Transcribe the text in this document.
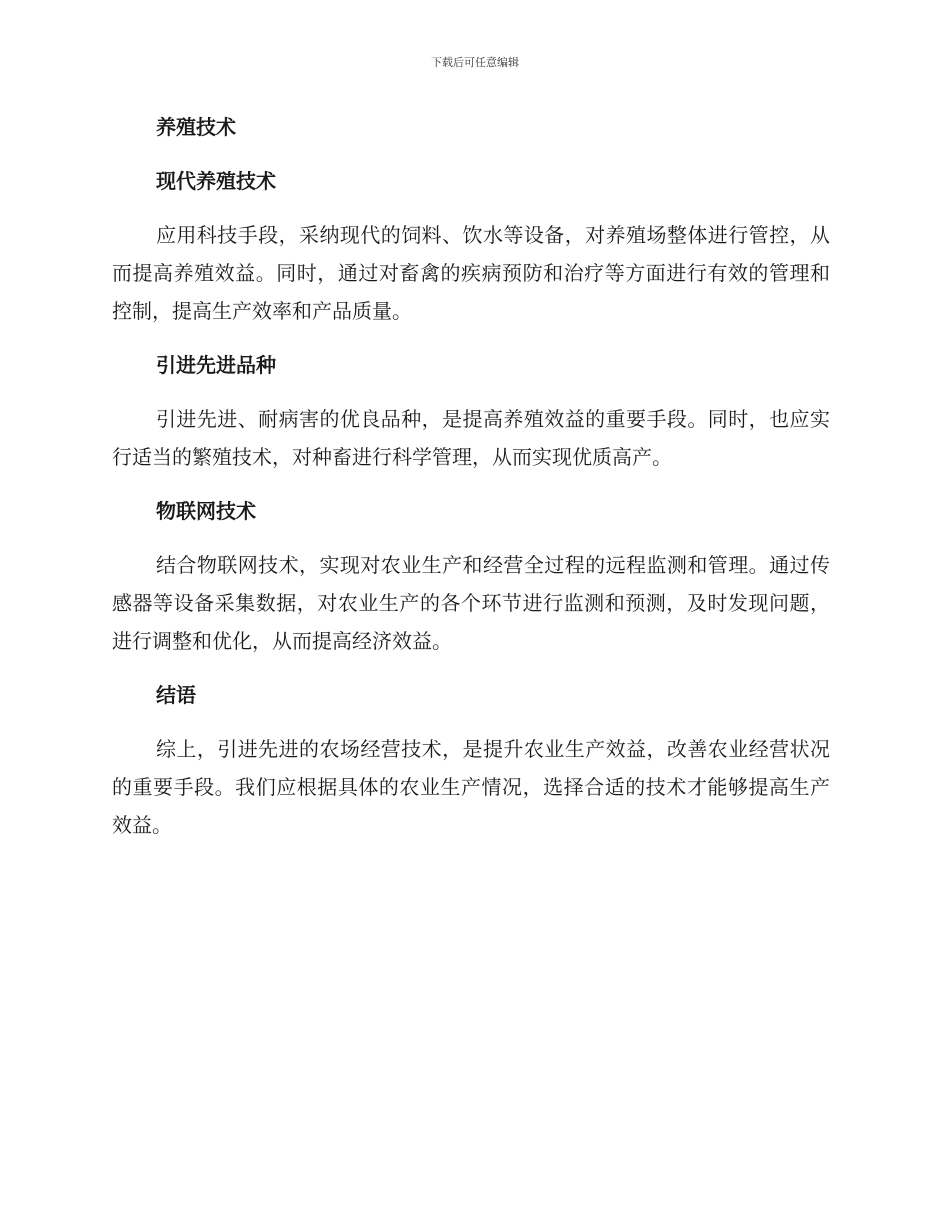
下载后可任意编辑
养殖技术
现代养殖技术

应用科技手段，采纳现代的饲料、饮水等设备，对养殖场整体进行管控，从而提高养殖效益。同时，通过对畜禽的疾病预防和治疗等方面进行有效的管理和控制，提高生产效率和产品质量。

引进先进品种

引进先进、耐病害的优良品种，是提高养殖效益的重要手段。同时，也应实行适当的繁殖技术，对种畜进行科学管理，从而实现优质高产。

物联网技术

结合物联网技术，实现对农业生产和经营全过程的远程监测和管理。通过传感器等设备采集数据，对农业生产的各个环节进行监测和预测，及时发现问题，进行调整和优化，从而提高经济效益。

结语

综上，引进先进的农场经营技术，是提升农业生产效益，改善农业经营状况的重要手段。我们应根据具体的农业生产情况，选择合适的技术才能够提高生产效益。
